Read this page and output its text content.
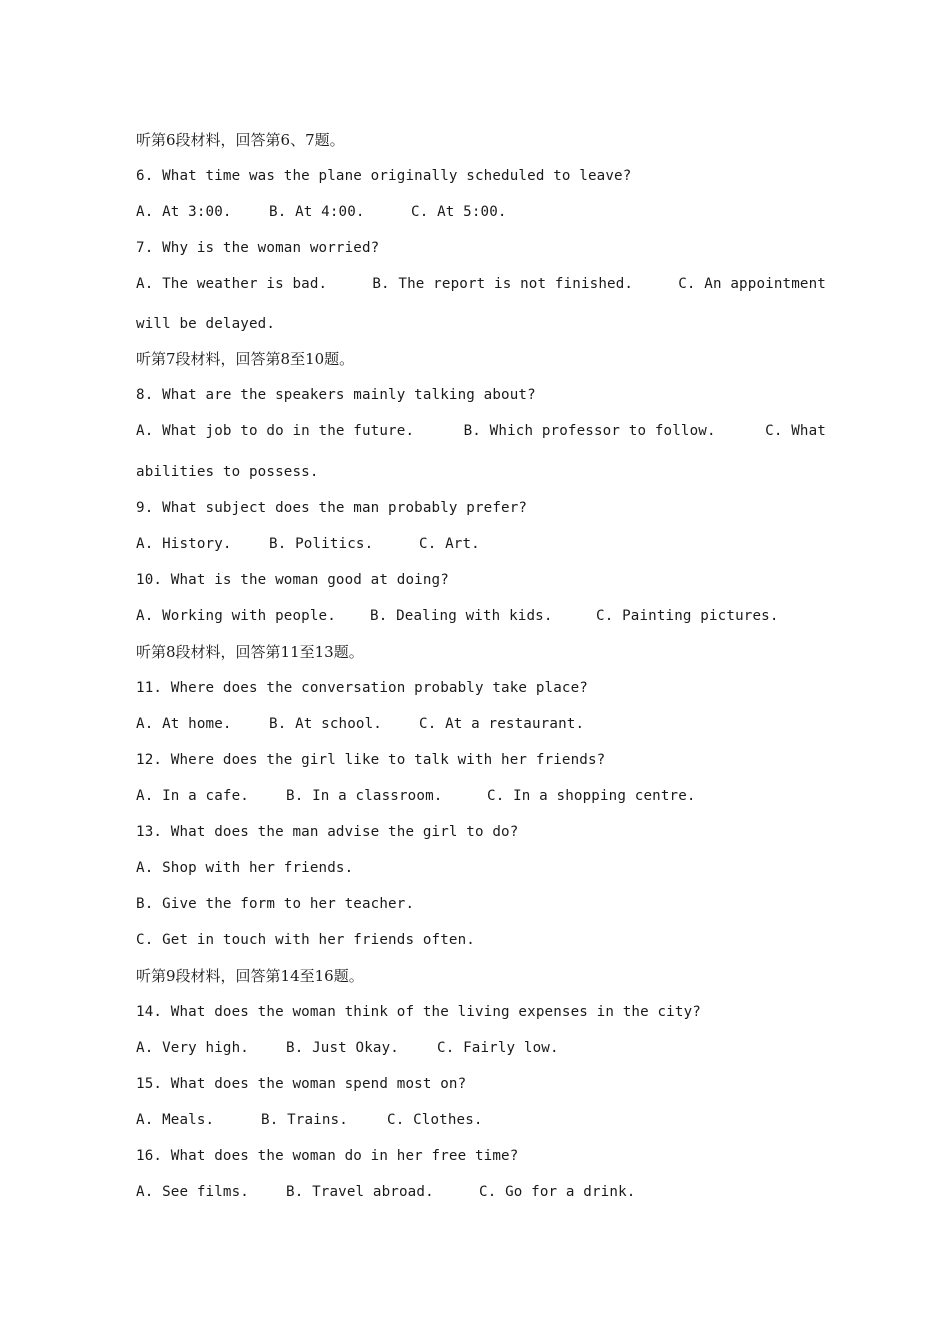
听第6段材料，回答第6、7题。
6. What time was the plane originally scheduled to leave?
A. At 3:00.	B. At 4:00.	C. At 5:00.
7. Why is the woman worried?
A. The weather is bad.	B. The report is not finished.	C. An appointment
will be delayed.
听第7段材料，回答第8至10题。
8. What are the speakers mainly talking about?
A. What job to do in the future.	B. Which professor to follow.	C. What
abilities to possess.
9. What subject does the man probably prefer?
A. History.	B. Politics.	C. Art.
10. What is the woman good at doing?
A. Working with people.	B. Dealing with kids.	C. Painting pictures.
听第8段材料，回答第11至13题。
11. Where does the conversation probably take place?
A. At home.	B. At school.	C. At a restaurant.
12. Where does the girl like to talk with her friends?
A. In a cafe.	B. In a classroom.	C. In a shopping centre.
13. What does the man advise the girl to do?
A. Shop with her friends.
B. Give the form to her teacher.
C. Get in touch with her friends often.
听第9段材料，回答第14至16题。
14. What does the woman think of the living expenses in the city?
A. Very high.	B. Just Okay.	C. Fairly low.
15. What does the woman spend most on?
A. Meals.	B. Trains.	C. Clothes.
16. What does the woman do in her free time?
A. See films.	B. Travel abroad.	C. Go for a drink.
